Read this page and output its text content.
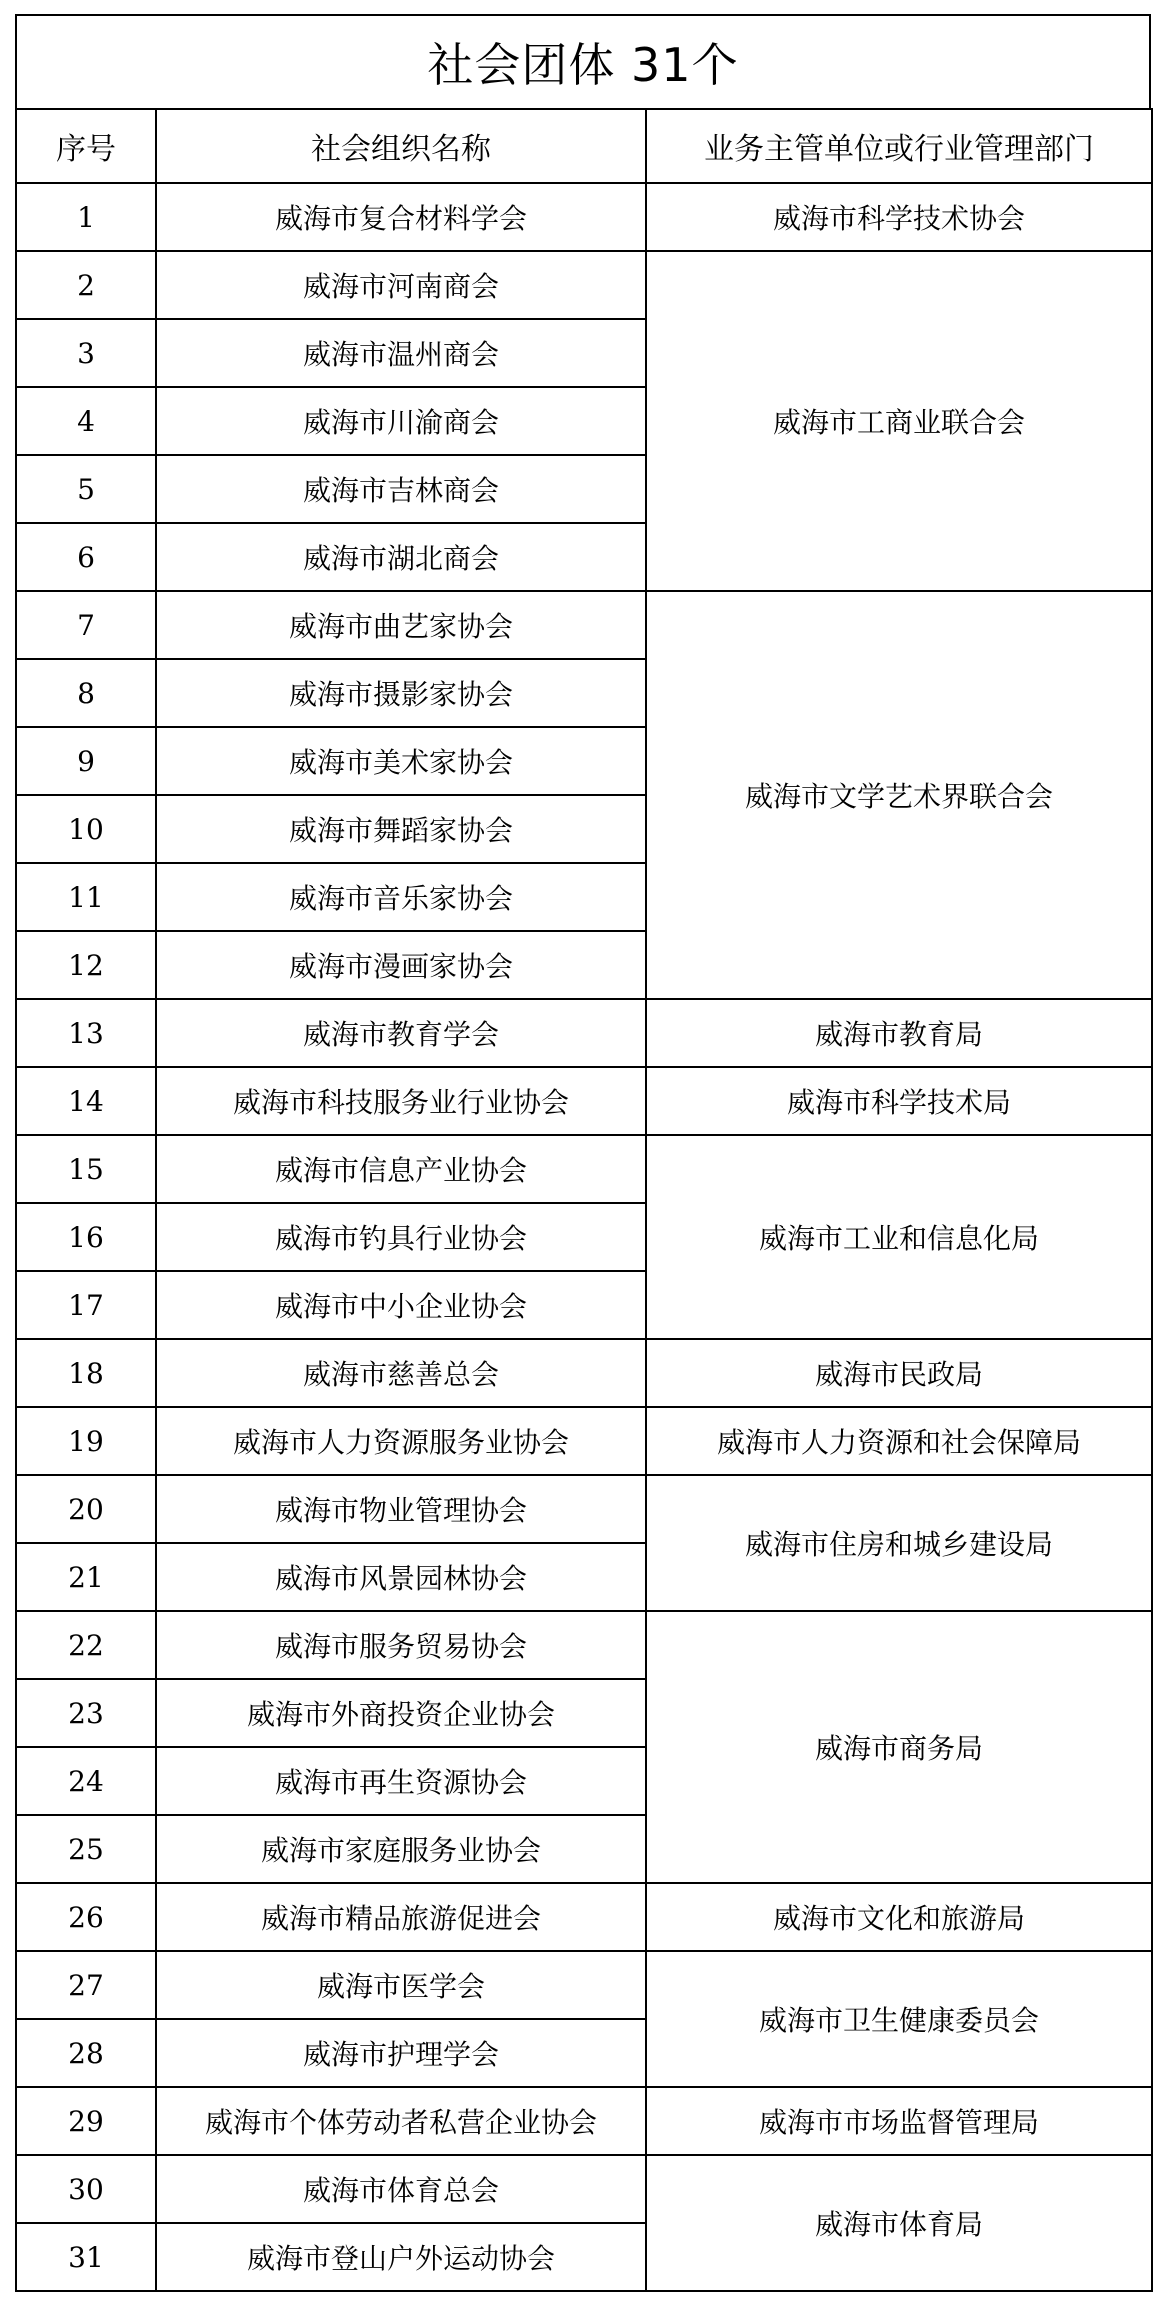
社会团体 31个
序号	社会组织名称	业务主管单位或行业管理部门
1	威海市复合材料学会	威海市科学技术协会
2	威海市河南商会	威海市工商业联合会
3	威海市温州商会	
4	威海市川渝商会	
5	威海市吉林商会	
6	威海市湖北商会	
7	威海市曲艺家协会	威海市文学艺术界联合会
8	威海市摄影家协会	
9	威海市美术家协会	
10	威海市舞蹈家协会	
11	威海市音乐家协会	
12	威海市漫画家协会	
13	威海市教育学会	威海市教育局
14	威海市科技服务业行业协会	威海市科学技术局
15	威海市信息产业协会	威海市工业和信息化局
16	威海市钓具行业协会	
17	威海市中小企业协会	
18	威海市慈善总会	威海市民政局
19	威海市人力资源服务业协会	威海市人力资源和社会保障局
20	威海市物业管理协会	威海市住房和城乡建设局
21	威海市风景园林协会	
22	威海市服务贸易协会	威海市商务局
23	威海市外商投资企业协会	
24	威海市再生资源协会	
25	威海市家庭服务业协会	
26	威海市精品旅游促进会	威海市文化和旅游局
27	威海市医学会	威海市卫生健康委员会
28	威海市护理学会	
29	威海市个体劳动者私营企业协会	威海市市场监督管理局
30	威海市体育总会	威海市体育局
31	威海市登山户外运动协会	
